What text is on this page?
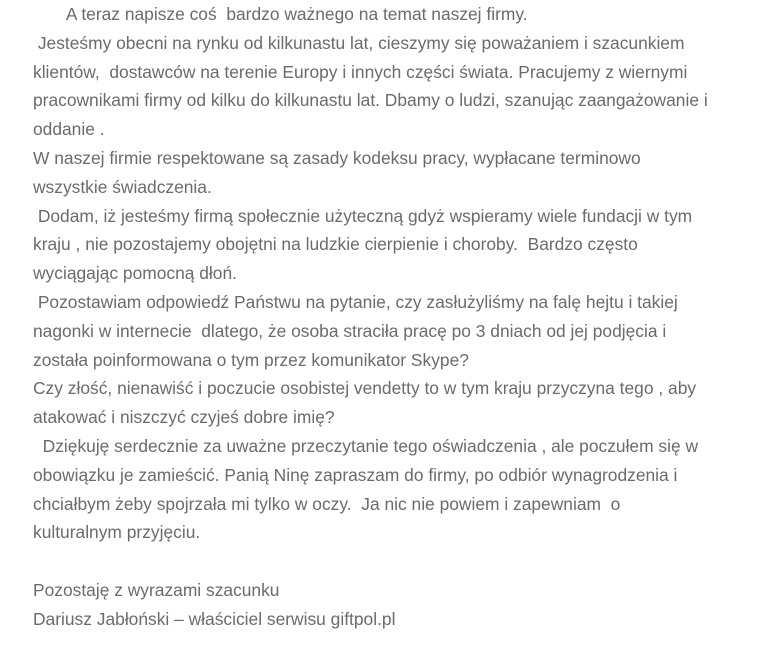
A teraz napisze coś  bardzo ważnego na temat naszej firmy.
Jesteśmy obecni na rynku od kilkunastu lat, cieszymy się poważaniem i szacunkiem
klientów,  dostawców na terenie Europy i innych części świata. Pracujemy z wiernymi
pracownikami firmy od kilku do kilkunastu lat. Dbamy o ludzi, szanując zaangażowanie i
oddanie .
W naszej firmie respektowane są zasady kodeksu pracy, wypłacane terminowo
wszystkie świadczenia.
Dodam, iż jesteśmy firmą społecznie użyteczną gdyż wspieramy wiele fundacji w tym
kraju , nie pozostajemy obojętni na ludzkie cierpienie i choroby.  Bardzo często
wyciągając pomocną dłoń.
Pozostawiam odpowiedź Państwu na pytanie, czy zasłużyliśmy na falę hejtu i takiej
nagonki w internecie  dlatego, że osoba straciła pracę po 3 dniach od jej podjęcia i
została poinformowana o tym przez komunikator Skype?
Czy złość, nienawiść i poczucie osobistej vendetty to w tym kraju przyczyna tego , aby
atakować i niszczyć czyjeś dobre imię?
Dziękuję serdecznie za uważne przeczytanie tego oświadczenia , ale poczułem się w
obowiązku je zamieścić. Panią Ninę zapraszam do firmy, po odbiór wynagrodzenia i
chciałbym żeby spojrzała mi tylko w oczy.  Ja nic nie powiem i zapewniam  o
kulturalnym przyjęciu.
Pozostaję z wyrazami szacunku
Dariusz Jabłoński – właściciel serwisu giftpol.pl
